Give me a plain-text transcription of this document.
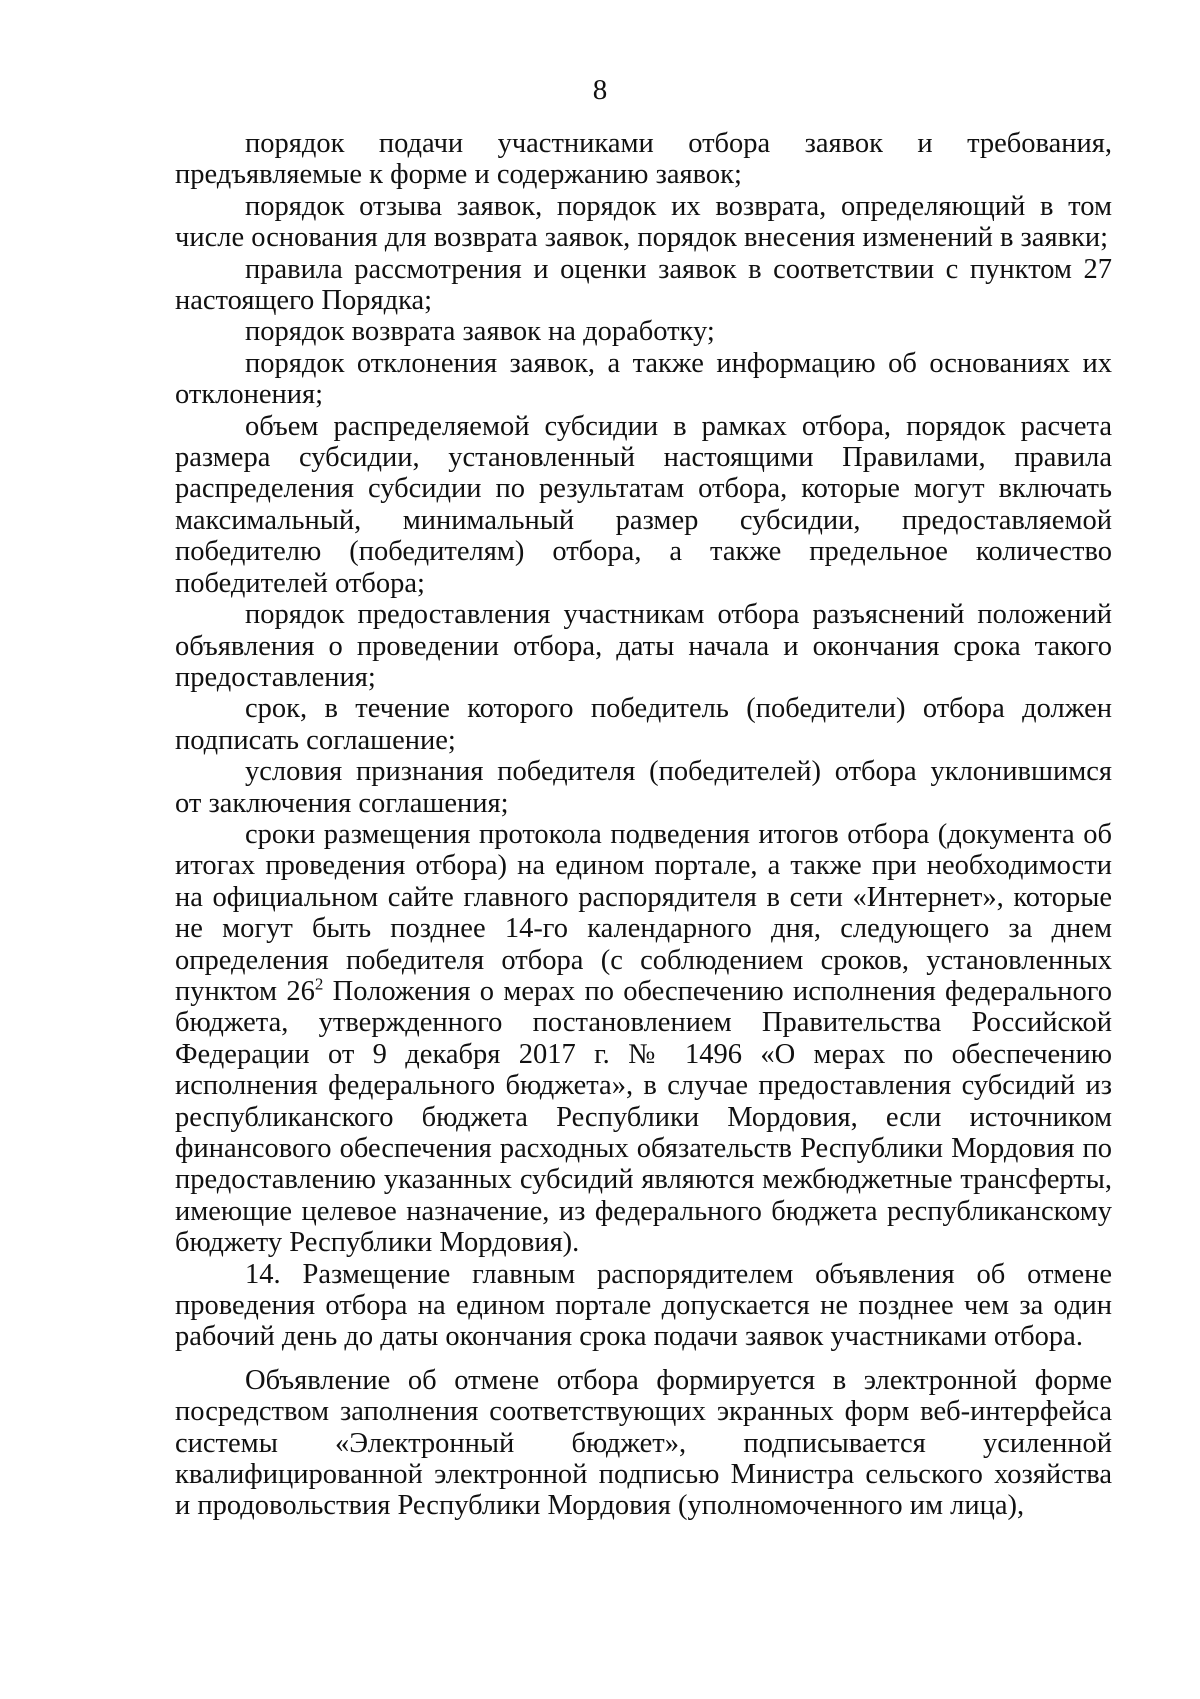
8

порядок подачи участниками отбора заявок и требования, предъявляемые к форме и содержанию заявок;

порядок отзыва заявок, порядок их возврата, определяющий в том числе основания для возврата заявок, порядок внесения изменений в заявки;

правила рассмотрения и оценки заявок в соответствии с пунктом 27 настоящего Порядка;

порядок возврата заявок на доработку;

порядок отклонения заявок, а также информацию об основаниях их отклонения;

объем распределяемой субсидии в рамках отбора, порядок расчета размера субсидии, установленный настоящими Правилами, правила распределения субсидии по результатам отбора, которые могут включать максимальный, минимальный размер субсидии, предоставляемой победителю (победителям) отбора, а также предельное количество победителей отбора;

порядок предоставления участникам отбора разъяснений положений объявления о проведении отбора, даты начала и окончания срока такого предоставления;

срок, в течение которого победитель (победители) отбора должен подписать соглашение;

условия признания победителя (победителей) отбора уклонившимся от заключения соглашения;

сроки размещения протокола подведения итогов отбора (документа об итогах проведения отбора) на едином портале, а также при необходимости на официальном сайте главного распорядителя в сети «Интернет», которые не могут быть позднее 14-го календарного дня, следующего за днем определения победителя отбора (с соблюдением сроков, установленных пунктом $26^2$ Положения о мерах по обеспечению исполнения федерального бюджета, утвержденного постановлением Правительства Российской Федерации от 9 декабря 2017 г. № 1496 «О мерах по обеспечению исполнения федерального бюджета», в случае предоставления субсидий из республиканского бюджета Республики Мордовия, если источником финансового обеспечения расходных обязательств Республики Мордовия по предоставлению указанных субсидий являются межбюджетные трансферты, имеющие целевое назначение, из федерального бюджета республиканскому бюджету Республики Мордовия).

14. Размещение главным распорядителем объявления об отмене проведения отбора на едином портале допускается не позднее чем за один рабочий день до даты окончания срока подачи заявок участниками отбора.

Объявление об отмене отбора формируется в электронной форме посредством заполнения соответствующих экранных форм веб-интерфейса системы «Электронный бюджет», подписывается усиленной квалифицированной электронной подписью Министра сельского хозяйства и продовольствия Республики Мордовия (уполномоченного им лица),
